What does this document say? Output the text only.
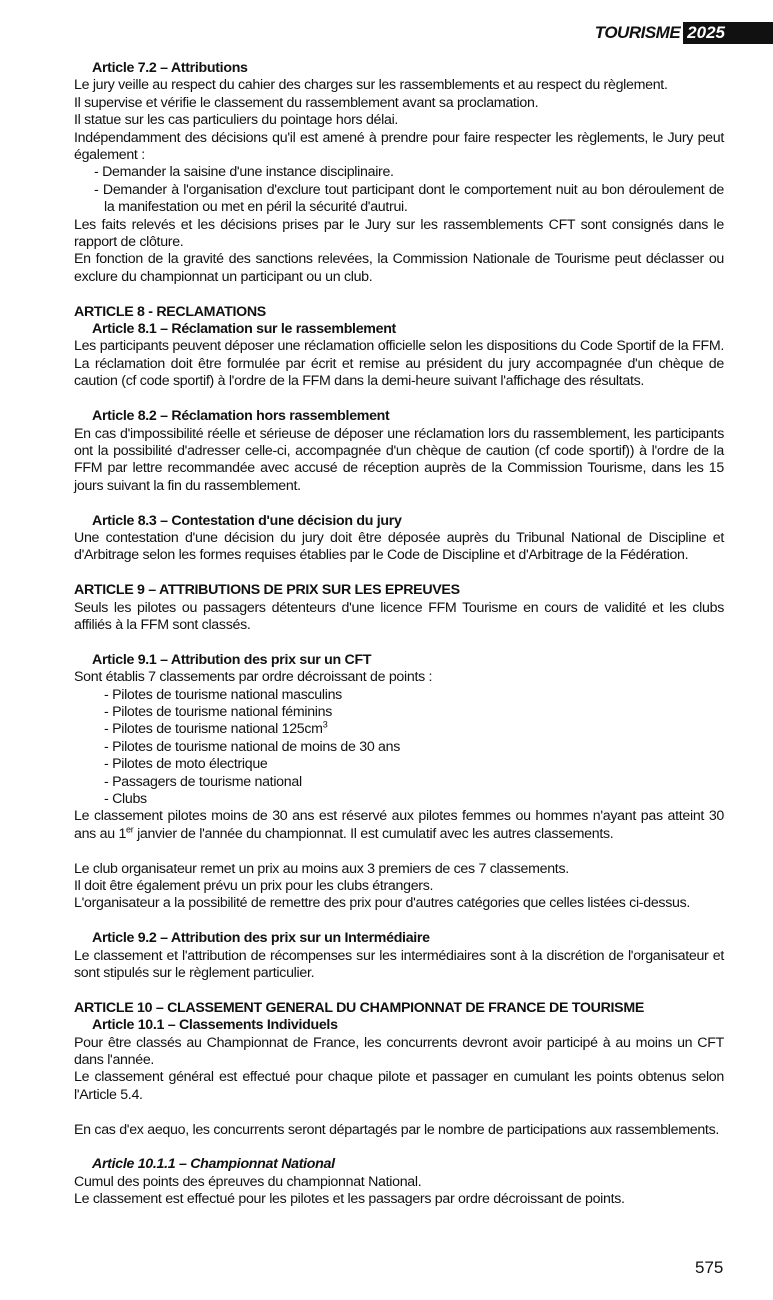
TOURISME 2025

Article 7.2 – Attributions

Le jury veille au respect du cahier des charges sur les rassemblements et au respect du règlement.

Il supervise et vérifie le classement du rassemblement avant sa proclamation.

Il statue sur les cas particuliers du pointage hors délai.

Indépendamment des décisions qu'il est amené à prendre pour faire respecter les règlements, le Jury peut également :

- Demander la saisine d'une instance disciplinaire.

- Demander à l'organisation d'exclure tout participant dont le comportement nuit au bon déroulement de la manifestation ou met en péril la sécurité d'autrui.

Les faits relevés et les décisions prises par le Jury sur les rassemblements CFT sont consignés dans le rapport de clôture.

En fonction de la gravité des sanctions relevées, la Commission Nationale de Tourisme peut déclasser ou exclure du championnat un participant ou un club.

ARTICLE 8 - RECLAMATIONS

Article 8.1 – Réclamation sur le rassemblement

Les participants peuvent déposer une réclamation officielle selon les dispositions du Code Sportif de la FFM. La réclamation doit être formulée par écrit et remise au président du jury accompagnée d'un chèque de caution (cf code sportif) à l'ordre de la FFM dans la demi-heure suivant l'affichage des résultats.

Article 8.2 – Réclamation hors rassemblement

En cas d'impossibilité réelle et sérieuse de déposer une réclamation lors du rassemblement, les participants ont la possibilité d'adresser celle-ci, accompagnée d'un chèque de caution (cf code sportif)) à l'ordre de la FFM par lettre recommandée avec accusé de réception auprès de la Commission Tourisme, dans les 15 jours suivant la fin du rassemblement.

Article 8.3 – Contestation d'une décision du jury

Une contestation d'une décision du jury doit être déposée auprès du Tribunal National de Discipline et d'Arbitrage selon les formes requises établies par le Code de Discipline et d'Arbitrage de la Fédération.

ARTICLE 9 – ATTRIBUTIONS DE PRIX SUR LES EPREUVES

Seuls les pilotes ou passagers détenteurs d'une licence FFM Tourisme en cours de validité et les clubs affiliés à la FFM sont classés.

Article 9.1 – Attribution des prix sur un CFT

Sont établis 7 classements par ordre décroissant de points :

- Pilotes de tourisme national masculins

- Pilotes de tourisme national féminins

- Pilotes de tourisme national $125cm^3$

- Pilotes de tourisme national de moins de 30 ans

- Pilotes de moto électrique

- Passagers de tourisme national

- Clubs

Le classement pilotes moins de 30 ans est réservé aux pilotes femmes ou hommes n'ayant pas atteint 30 ans au 1er janvier de l'année du championnat. Il est cumulatif avec les autres classements.

Le club organisateur remet un prix au moins aux 3 premiers de ces 7 classements.

Il doit être également prévu un prix pour les clubs étrangers.

L'organisateur a la possibilité de remettre des prix pour d'autres catégories que celles listées ci-dessus.

Article 9.2 – Attribution des prix sur un Intermédiaire

Le classement et l'attribution de récompenses sur les intermédiaires sont à la discrétion de l'organisateur et sont stipulés sur le règlement particulier.

ARTICLE 10 – CLASSEMENT GENERAL DU CHAMPIONNAT DE FRANCE DE TOURISME

Article 10.1 – Classements Individuels

Pour être classés au Championnat de France, les concurrents devront avoir participé à au moins un CFT dans l'année.

Le classement général est effectué pour chaque pilote et passager en cumulant les points obtenus selon l'Article 5.4.

En cas d'ex aequo, les concurrents seront départagés par le nombre de participations aux rassemblements.

Article 10.1.1 – Championnat National

Cumul des points des épreuves du championnat National.

Le classement est effectué pour les pilotes et les passagers par ordre décroissant de points.

575
